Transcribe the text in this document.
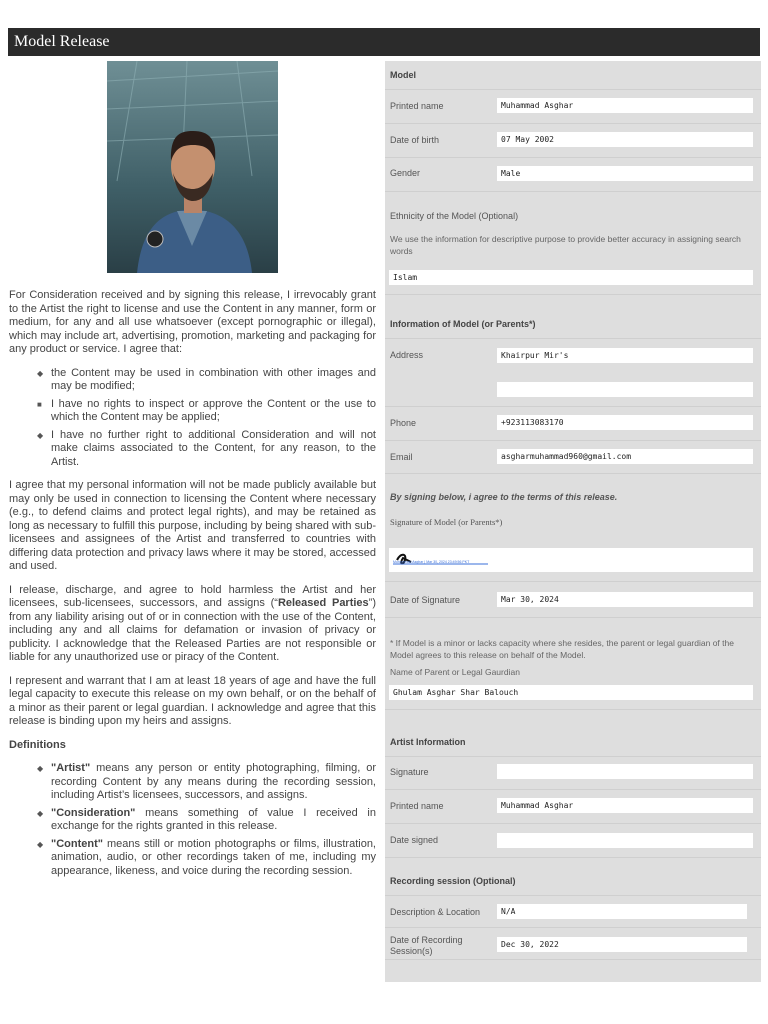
Model Release

For Consideration received and by signing this release, I irrevocably grant to the Artist the right to license and use the Content in any manner, form or medium, for any and all use whatsoever (except pornographic or illegal), which may include art, advertising, promotion, marketing and packaging for any product or service. I agree that:

◆ the Content may be used in combination with other images and may be modified;
■ I have no rights to inspect or approve the Content or the use to which the Content may be applied;
◆ I have no further right to additional Consideration and will not make claims associated to the Content, for any reason, to the Artist.

I agree that my personal information will not be made publicly available but may only be used in connection to licensing the Content where necessary (e.g., to defend claims and protect legal rights), and may be retained as long as necessary to fulfill this purpose, including by being shared with sub-licensees and assignees of the Artist and transferred to countries with differing data protection and privacy laws where it may be stored, accessed and used.

I release, discharge, and agree to hold harmless the Artist and her licensees, sub-licensees, successors, and assigns (“Released Parties”) from any liability arising out of or in connection with the use of the Content, including any and all claims for defamation or invasion of privacy or publicity. I acknowledge that the Released Parties are not responsible or liable for any unauthorized use or piracy of the Content.

I represent and warrant that I am at least 18 years of age and have the full legal capacity to execute this release on my own behalf, or on the behalf of a minor as their parent or legal guardian. I acknowledge and agree that this release is binding upon my heirs and assigns.

Definitions
◆ "Artist" means any person or entity photographing, filming, or recording Content by any means during the recording session, including Artist’s licensees, successors, and assigns.
◆ "Consideration" means something of value I received in exchange for the rights granted in this release.
◆ "Content" means still or motion photographs or films, illustration, animation, audio, or other recordings taken of me, including my appearance, likeness, and voice during the recording session.
Model
Printed name	Muhammad Asghar
Date of birth	07 May 2002
Gender	Male
Ethnicity of the Model (Optional)
We use the information for descriptive purpose to provide better accuracy in assigning search words
Islam
Information of Model (or Parents*)
Address	Khairpur Mir's
Phone	+923113083170
Email	asgharmuhammad960@gmail.com
By signing below, i agree to the terms of this release.
Signature of Model (or Parents*)
Muhammad Asghar | Mar 30, 2024 23:49:56 PKT
Date of Signature	Mar 30, 2024
* If Model is a minor or lacks capacity where she resides, the parent or legal guardian of the Model agrees to this release on behalf of the Model.
Name of Parent or Legal Gaurdian
Ghulam Asghar Shar Balouch
Artist Information
Signature
Printed name	Muhammad Asghar
Date signed
Recording session (Optional)
Description & Location	N/A
Date of Recording Session(s)
Dec 30, 2022
